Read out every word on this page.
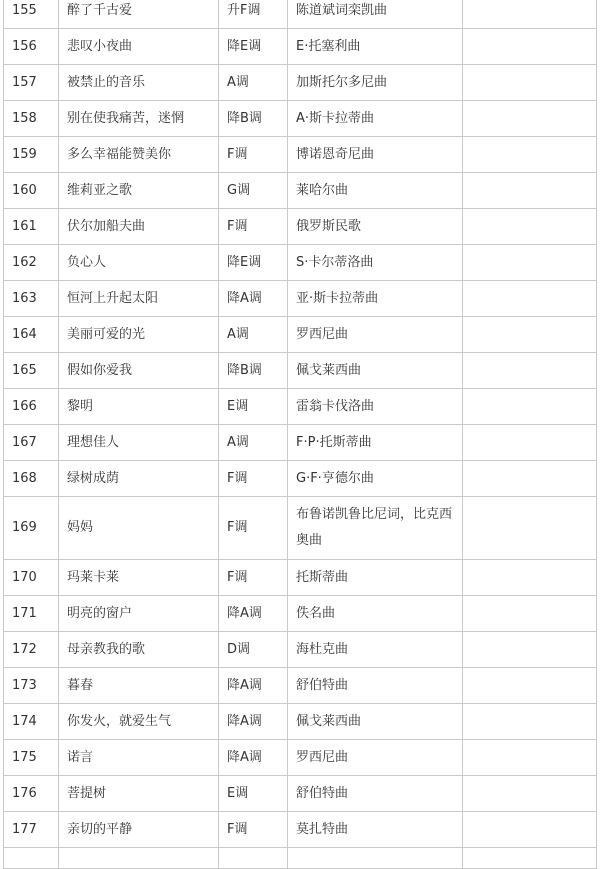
155	醉了千古爱	升F调	陈道斌词栾凯曲	
156	悲叹小夜曲	降E调	E·托塞利曲	
157	被禁止的音乐	A调	加斯托尔多尼曲	
158	别在使我痛苦，迷惘	降B调	A·斯卡拉蒂曲	
159	多么幸福能赞美你	F调	博诺恩奇尼曲	
160	维莉亚之歌	G调	莱哈尔曲	
161	伏尔加船夫曲	F调	俄罗斯民歌	
162	负心人	降E调	S·卡尔蒂洛曲	
163	恒河上升起太阳	降A调	亚·斯卡拉蒂曲	
164	美丽可爱的光	A调	罗西尼曲	
165	假如你爱我	降B调	佩戈莱西曲	
166	黎明	E调	雷翁卡伐洛曲	
167	理想佳人	A调	F·P·托斯蒂曲	
168	绿树成荫	F调	G·F·亨德尔曲	
169	妈妈	F调	布鲁诺凯鲁比尼词，比克西奥曲	
170	玛莱卡莱	F调	托斯蒂曲	
171	明亮的窗户	降A调	佚名曲	
172	母亲教我的歌	D调	海杜克曲	
173	暮春	降A调	舒伯特曲	
174	你发火，就爱生气	降A调	佩戈莱西曲	
175	诺言	降A调	罗西尼曲	
176	菩提树	E调	舒伯特曲	
177	亲切的平静	F调	莫扎特曲	
